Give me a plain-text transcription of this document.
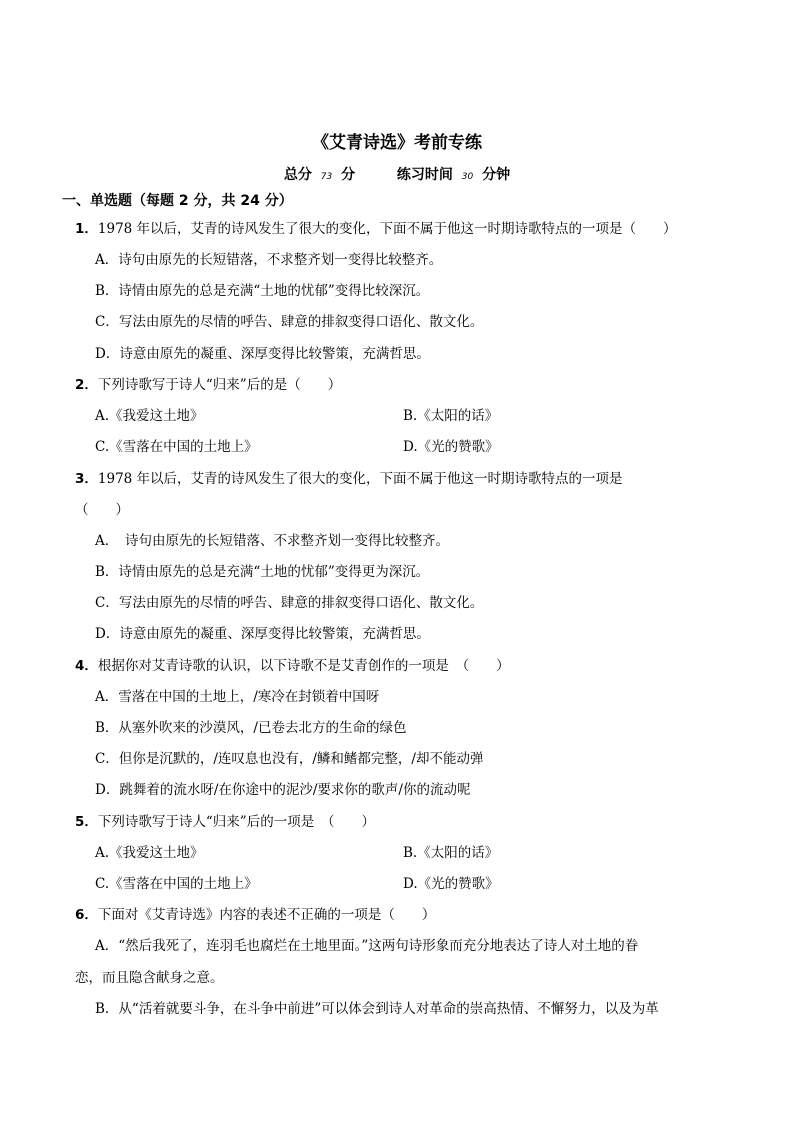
《艾青诗选》考前专练
总分 73 分	练习时间 30 分钟
一、单选题（每题 2 分，共 24 分）
1．1978 年以后，艾青的诗风发生了很大的变化，下面不属于他这一时期诗歌特点的一项是（　　）
A．诗句由原先的长短错落，不求整齐划一变得比较整齐。
B．诗情由原先的总是充满“土地的忧郁”变得比较深沉。
C．写法由原先的尽情的呼告、肆意的排叙变得口语化、散文化。
D．诗意由原先的凝重、深厚变得比较警策，充满哲思。
2．下列诗歌写于诗人“归来”后的是（　　）
A.《我爱这土地》	B.《太阳的话》
C.《雪落在中国的土地上》	D.《光的赞歌》
3．1978 年以后，艾青的诗风发生了很大的变化，下面不属于他这一时期诗歌特点的一项是
（　　）
A．　诗句由原先的长短错落、不求整齐划一变得比较整齐。
B．诗情由原先的总是充满“土地的忧郁”变得更为深沉。
C．写法由原先的尽情的呼告、肆意的排叙变得口语化、散文化。
D．诗意由原先的凝重、深厚变得比较警策，充满哲思。
4．根据你对艾青诗歌的认识，以下诗歌不是艾青创作的一项是　（　　）
A．雪落在中国的土地上，/寒冷在封锁着中国呀
B．从塞外吹来的沙漠风，/已卷去北方的生命的绿色
C．但你是沉默的，/连叹息也没有，/鳞和鳍都完整，/却不能动弹
D．跳舞着的流水呀/在你途中的泥沙/要求你的歌声/你的流动呢
5．下列诗歌写于诗人“归来”后的一项是　（　　）
A.《我爱这土地》	B.《太阳的话》
C.《雪落在中国的土地上》	D.《光的赞歌》
6．下面对《艾青诗选》内容的表述不正确的一项是（　　）
A．“然后我死了，连羽毛也腐烂在土地里面。”这两句诗形象而充分地表达了诗人对土地的眷
恋，而且隐含献身之意。
B．从“活着就要斗争，在斗争中前进”可以体会到诗人对革命的崇高热情、不懈努力，以及为革
